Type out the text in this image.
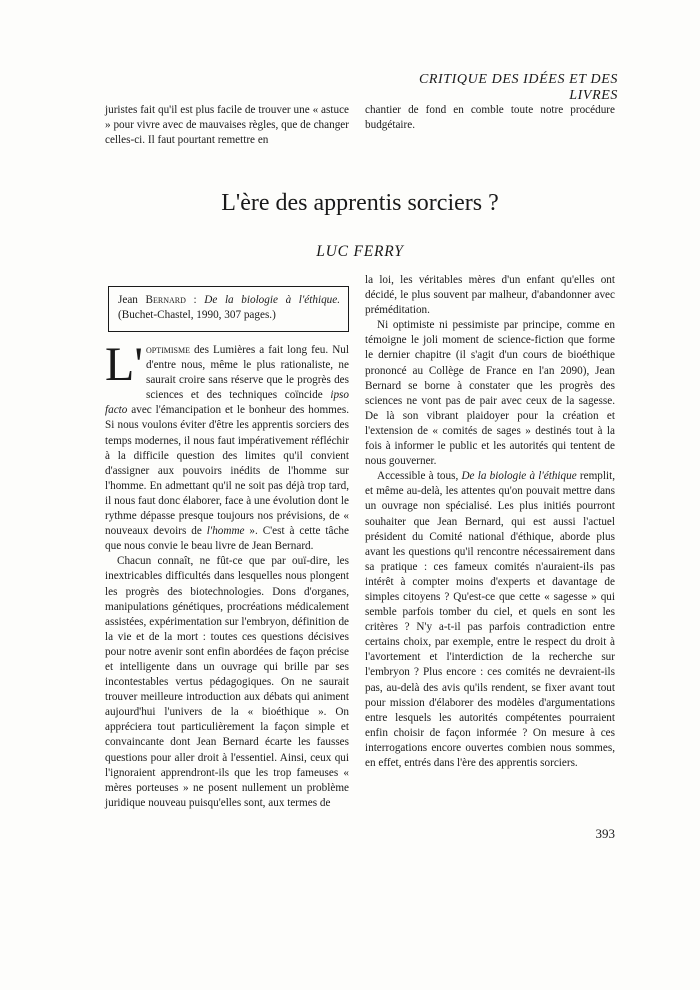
CRITIQUE DES IDÉES ET DES LIVRES

juristes fait qu'il est plus facile de trouver une « astuce » pour vivre avec de mauvaises règles, que de changer celles-ci. Il faut pourtant remettre en

chantier de fond en comble toute notre procédure budgétaire.

L'ère des apprentis sorciers ?
LUC FERRY
Jean Bernard : De la biologie à l'éthique. (Buchet-Chastel, 1990, 307 pages.)

L' optimisme des Lumières a fait long feu. Nul d'entre nous, même le plus rationaliste, ne saurait croire sans réserve que le progrès des sciences et des techniques coïncide ipso facto avec l'émancipation et le bonheur des hommes. Si nous voulons éviter d'être les apprentis sorciers des temps modernes, il nous faut impérativement réfléchir à la difficile question des limites qu'il convient d'assigner aux pouvoirs inédits de l'homme sur l'homme. En admettant qu'il ne soit pas déjà trop tard, il nous faut donc élaborer, face à une évolution dont le rythme dépasse presque toujours nos prévisions, de « nouveaux devoirs de l'homme ». C'est à cette tâche que nous convie le beau livre de Jean Bernard.

Chacun connaît, ne fût-ce que par ouï-dire, les inextricables difficultés dans lesquelles nous plongent les progrès des biotechnologies. Dons d'organes, manipulations génétiques, procréations médicalement assistées, expérimentation sur l'embryon, définition de la vie et de la mort : toutes ces questions décisives pour notre avenir sont enfin abordées de façon précise et intelligente dans un ouvrage qui brille par ses incontestables vertus pédagogiques. On ne saurait trouver meilleure introduction aux débats qui animent aujourd'hui l'univers de la « bioéthique ». On appréciera tout particulièrement la façon simple et convaincante dont Jean Bernard écarte les fausses questions pour aller droit à l'essentiel. Ainsi, ceux qui l'ignoraient apprendront-ils que les trop fameuses « mères porteuses » ne posent nullement un problème juridique nouveau puisqu'elles sont, aux termes de

la loi, les véritables mères d'un enfant qu'elles ont décidé, le plus souvent par malheur, d'abandonner avec préméditation.

Ni optimiste ni pessimiste par principe, comme en témoigne le joli moment de science-fiction que forme le dernier chapitre (il s'agit d'un cours de bioéthique prononcé au Collège de France en l'an 2090), Jean Bernard se borne à constater que les progrès des sciences ne vont pas de pair avec ceux de la sagesse. De là son vibrant plaidoyer pour la création et l'extension de « comités de sages » destinés tout à la fois à informer le public et les autorités qui tentent de nous gouverner.

Accessible à tous, De la biologie à l'éthique remplit, et même au-delà, les attentes qu'on pouvait mettre dans un ouvrage non spécialisé. Les plus initiés pourront souhaiter que Jean Bernard, qui est aussi l'actuel président du Comité national d'éthique, aborde plus avant les questions qu'il rencontre nécessairement dans sa pratique : ces fameux comités n'auraient-ils pas intérêt à compter moins d'experts et davantage de simples citoyens ? Qu'est-ce que cette « sagesse » qui semble parfois tomber du ciel, et quels en sont les critères ? N'y a-t-il pas parfois contradiction entre certains choix, par exemple, entre le respect du droit à l'avortement et l'interdiction de la recherche sur l'embryon ? Plus encore : ces comités ne devraient-ils pas, au-delà des avis qu'ils rendent, se fixer avant tout pour mission d'élaborer des modèles d'argumentations entre lesquels les autorités compétentes pourraient enfin choisir de façon informée ? On mesure à ces interrogations encore ouvertes combien nous sommes, en effet, entrés dans l'ère des apprentis sorciers.

393
